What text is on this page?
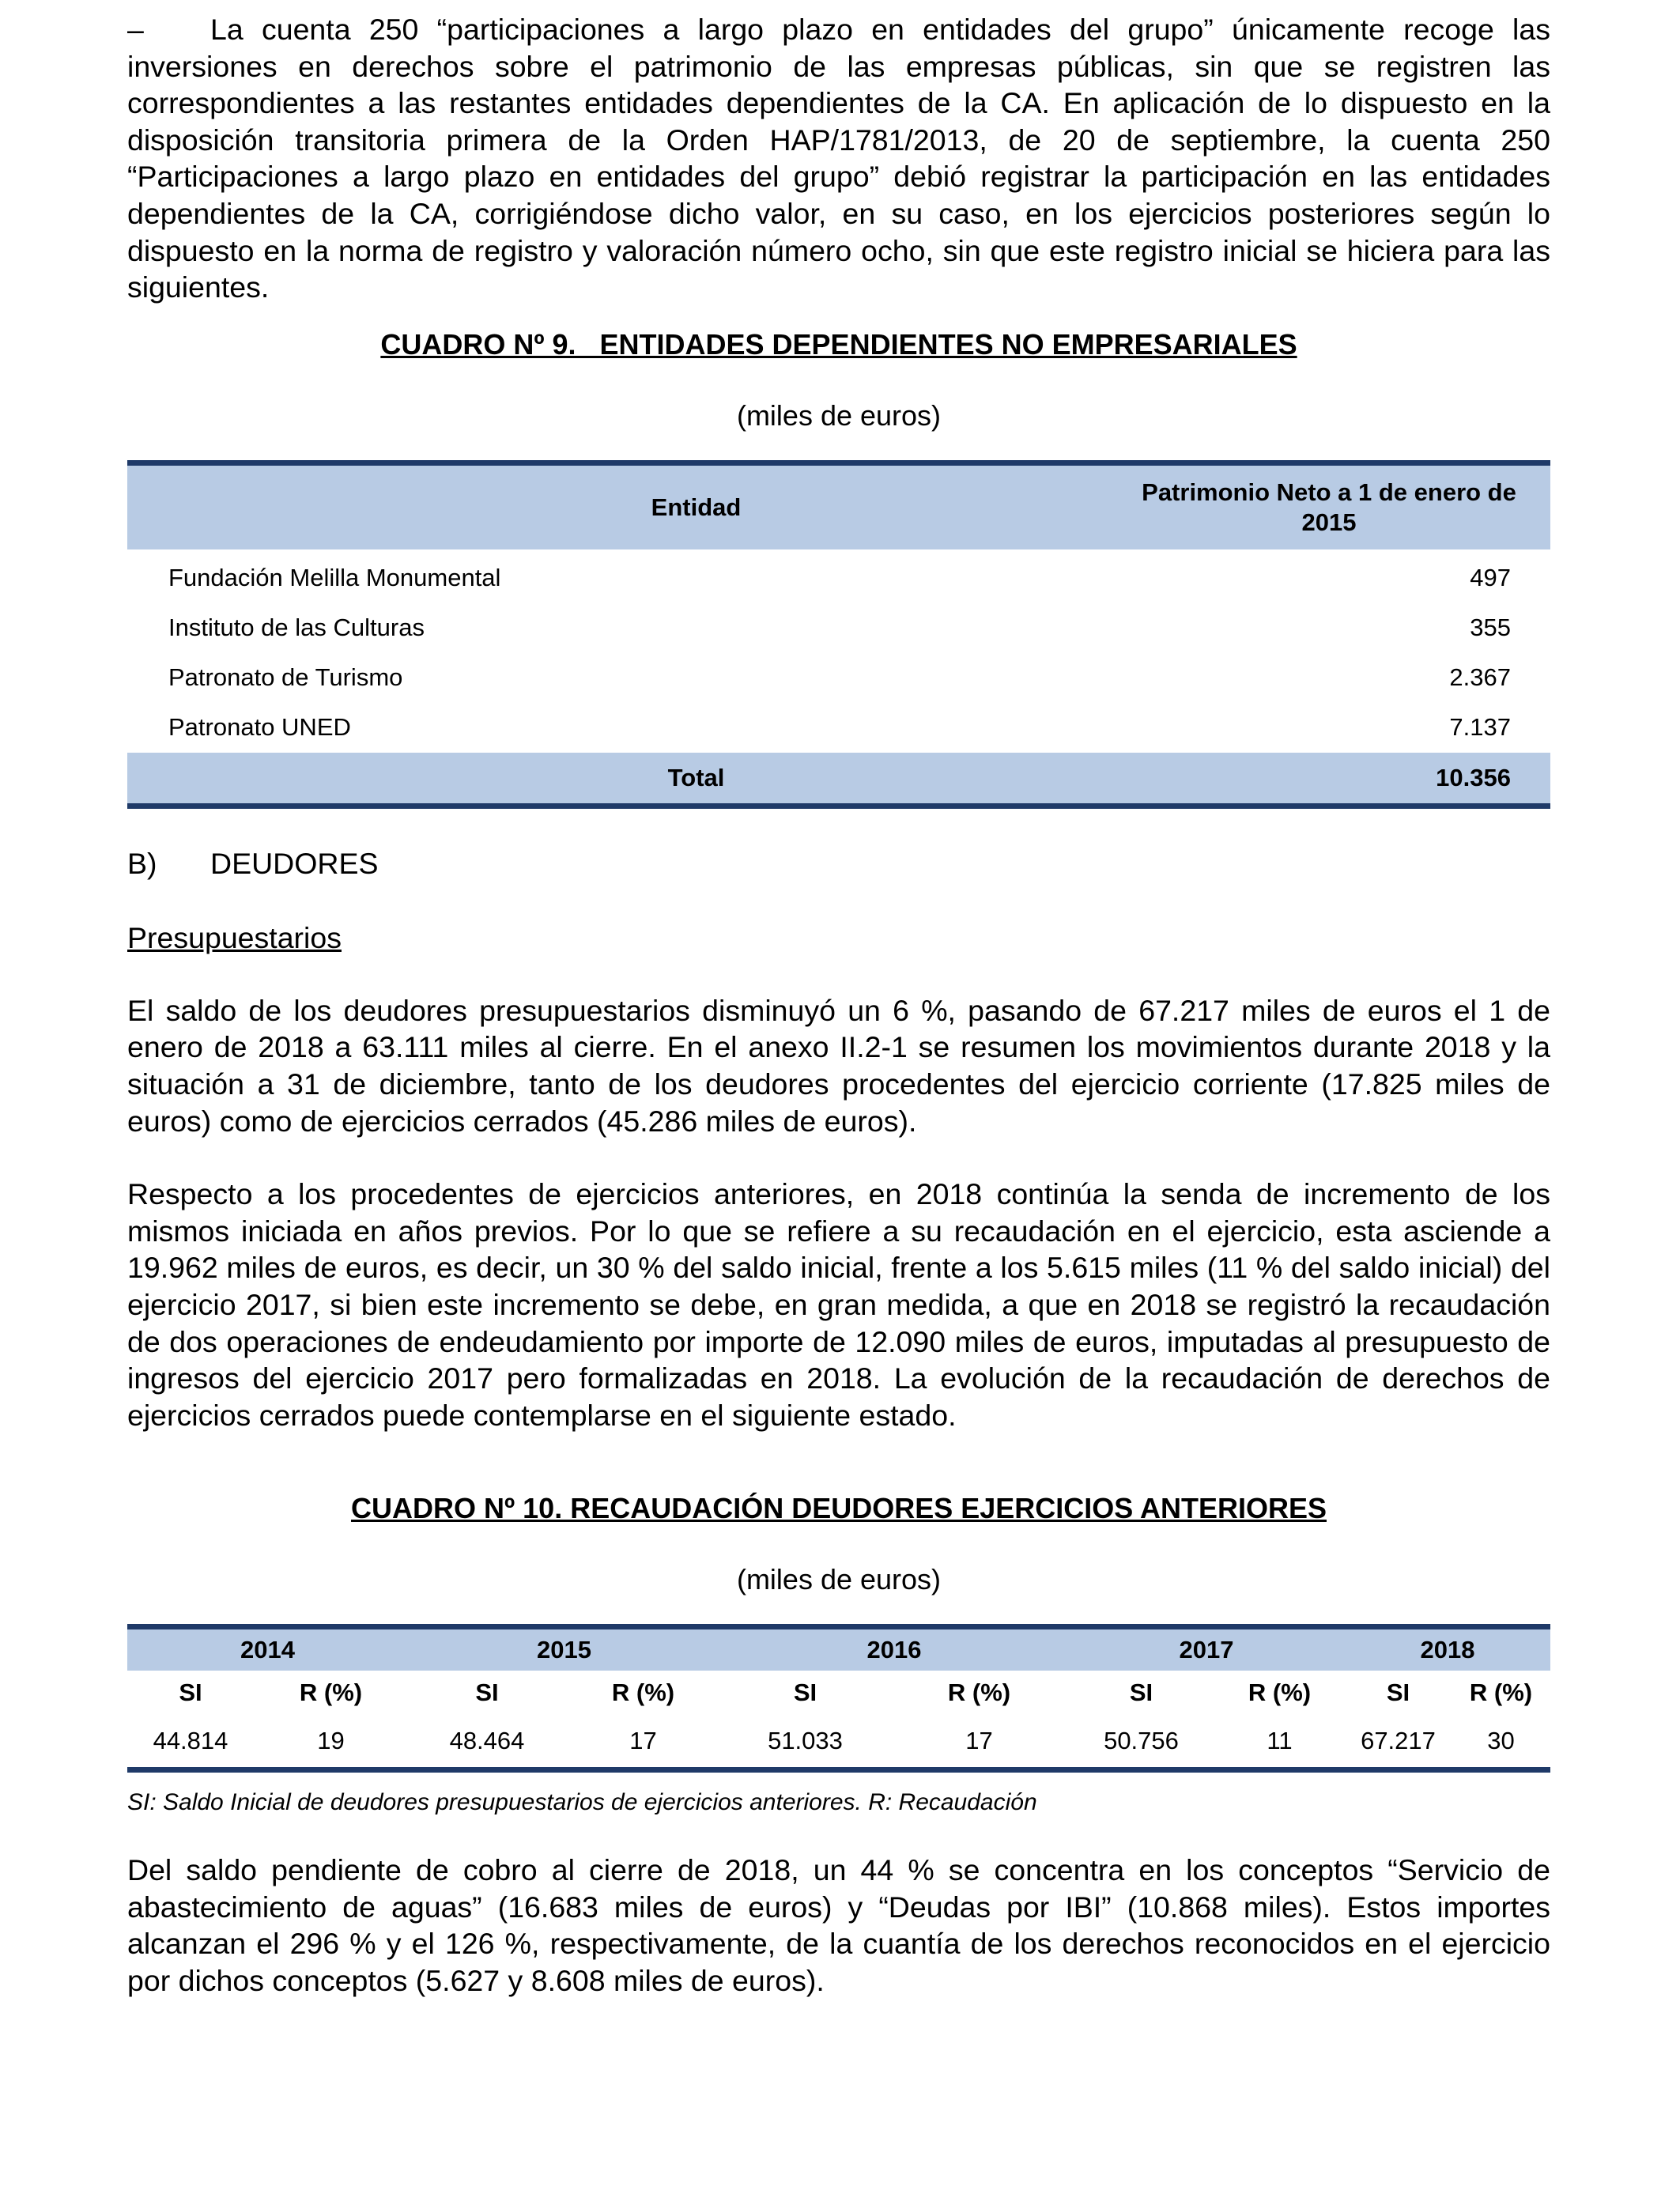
– La cuenta 250 “participaciones a largo plazo en entidades del grupo” únicamente recoge las inversiones en derechos sobre el patrimonio de las empresas públicas, sin que se registren las correspondientes a las restantes entidades dependientes de la CA. En aplicación de lo dispuesto en la disposición transitoria primera de la Orden HAP/1781/2013, de 20 de septiembre, la cuenta 250 “Participaciones a largo plazo en entidades del grupo” debió registrar la participación en las entidades dependientes de la CA, corrigiéndose dicho valor, en su caso, en los ejercicios posteriores según lo dispuesto en la norma de registro y valoración número ocho, sin que este registro inicial se hiciera para las siguientes.

CUADRO Nº 9.   ENTIDADES DEPENDIENTES NO EMPRESARIALES

(miles de euros)

Entidad	Patrimonio Neto a 1 de enero de 2015
Fundación Melilla Monumental	497
Instituto de las Culturas	355
Patronato de Turismo	2.367
Patronato UNED	7.137
Total	10.356

B) DEUDORES

Presupuestarios

El saldo de los deudores presupuestarios disminuyó un 6 %, pasando de 67.217 miles de euros el 1 de enero de 2018 a 63.111 miles al cierre. En el anexo II.2-1 se resumen los movimientos durante 2018 y la situación a 31 de diciembre, tanto de los deudores procedentes del ejercicio corriente (17.825 miles de euros) como de ejercicios cerrados (45.286 miles de euros).

Respecto a los procedentes de ejercicios anteriores, en 2018 continúa la senda de incremento de los mismos iniciada en años previos. Por lo que se refiere a su recaudación en el ejercicio, esta asciende a 19.962 miles de euros, es decir, un 30 % del saldo inicial, frente a los 5.615 miles (11 % del saldo inicial) del ejercicio 2017, si bien este incremento se debe, en gran medida, a que en 2018 se registró la recaudación de dos operaciones de endeudamiento por importe de 12.090 miles de euros, imputadas al presupuesto de ingresos del ejercicio 2017 pero formalizadas en 2018. La evolución de la recaudación de derechos de ejercicios cerrados puede contemplarse en el siguiente estado.

CUADRO Nº 10. RECAUDACIÓN DEUDORES EJERCICIOS ANTERIORES

(miles de euros)

2014		2015		2016		2017		2018	
SI	R (%)	SI	R (%)	SI	R (%)	SI	R (%)	SI	R (%)
44.814	19	48.464	17	51.033	17	50.756	11	67.217	30

SI: Saldo Inicial de deudores presupuestarios de ejercicios anteriores. R: Recaudación

Del saldo pendiente de cobro al cierre de 2018, un 44 % se concentra en los conceptos “Servicio de abastecimiento de aguas” (16.683 miles de euros) y “Deudas por IBI” (10.868 miles). Estos importes alcanzan el 296 % y el 126 %, respectivamente, de la cuantía de los derechos reconocidos en el ejercicio por dichos conceptos (5.627 y 8.608 miles de euros).
